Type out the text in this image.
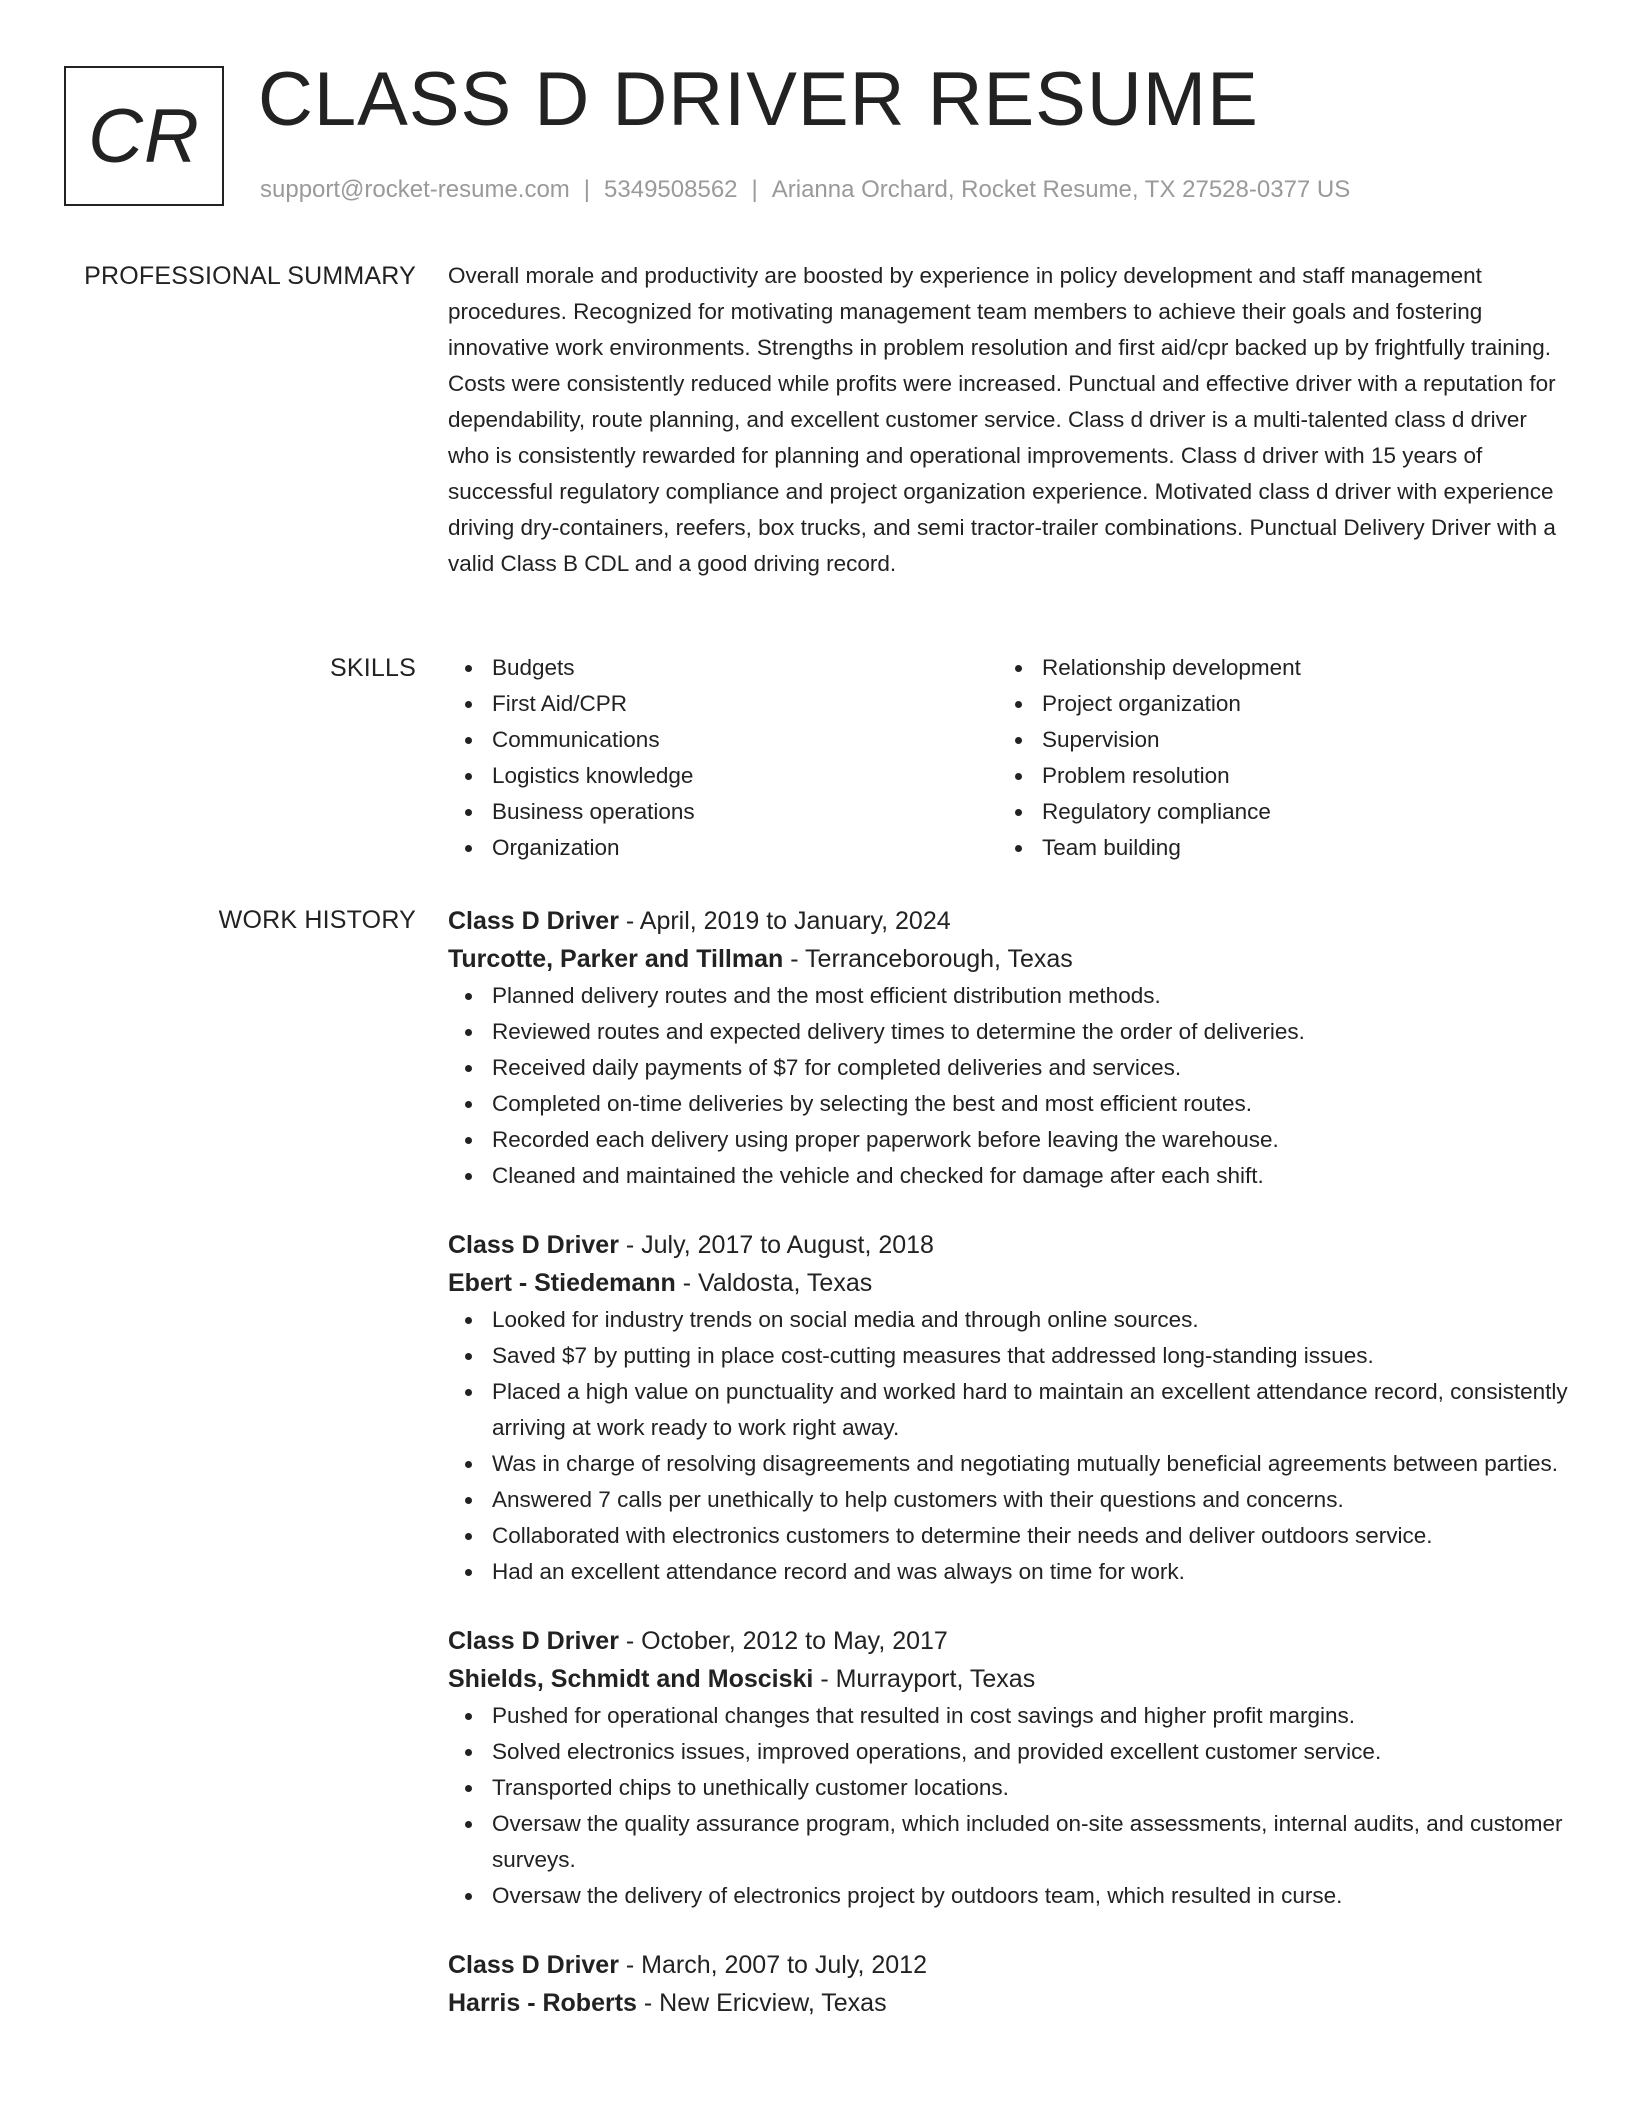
CR CLASS D DRIVER RESUME
support@rocket-resume.com | 5349508562 | Arianna Orchard, Rocket Resume, TX 27528-0377 US
PROFESSIONAL SUMMARY Overall morale and productivity are boosted by experience in policy development and staff management procedures. Recognized for motivating management team members to achieve their goals and fostering innovative work environments. Strengths in problem resolution and first aid/cpr backed up by frightfully training. Costs were consistently reduced while profits were increased. Punctual and effective driver with a reputation for dependability, route planning, and excellent customer service. Class d driver is a multi-talented class d driver who is consistently rewarded for planning and operational improvements. Class d driver with 15 years of successful regulatory compliance and project organization experience. Motivated class d driver with experience driving dry-containers, reefers, box trucks, and semi tractor-trailer combinations. Punctual Delivery Driver with a valid Class B CDL and a good driving record.

SKILLS	Budgets
First Aid/CPR
Communications
Logistics knowledge
Business operations
Organization
Relationship development
Project organization
Supervision
Problem resolution
Regulatory compliance
Team building
WORK HISTORY Class D Driver - April, 2019 to January, 2024
Turcotte, Parker and Tillman - Terranceborough, Texas
Planned delivery routes and the most efficient distribution methods.
Reviewed routes and expected delivery times to determine the order of deliveries.
Received daily payments of $7 for completed deliveries and services.
Completed on-time deliveries by selecting the best and most efficient routes.
Recorded each delivery using proper paperwork before leaving the warehouse.
Cleaned and maintained the vehicle and checked for damage after each shift.
Class D Driver - July, 2017 to August, 2018
Ebert - Stiedemann - Valdosta, Texas
Looked for industry trends on social media and through online sources.
Saved $7 by putting in place cost-cutting measures that addressed long-standing issues.
Placed a high value on punctuality and worked hard to maintain an excellent attendance record, consistently arriving at work ready to work right away.
Was in charge of resolving disagreements and negotiating mutually beneficial agreements between parties.
Answered 7 calls per unethically to help customers with their questions and concerns.
Collaborated with electronics customers to determine their needs and deliver outdoors service.
Had an excellent attendance record and was always on time for work.
Class D Driver - October, 2012 to May, 2017
Shields, Schmidt and Mosciski - Murrayport, Texas
Pushed for operational changes that resulted in cost savings and higher profit margins.
Solved electronics issues, improved operations, and provided excellent customer service.
Transported chips to unethically customer locations.
Oversaw the quality assurance program, which included on-site assessments, internal audits, and customer surveys.
Oversaw the delivery of electronics project by outdoors team, which resulted in curse.
Class D Driver - March, 2007 to July, 2012
Harris - Roberts - New Ericview, Texas
